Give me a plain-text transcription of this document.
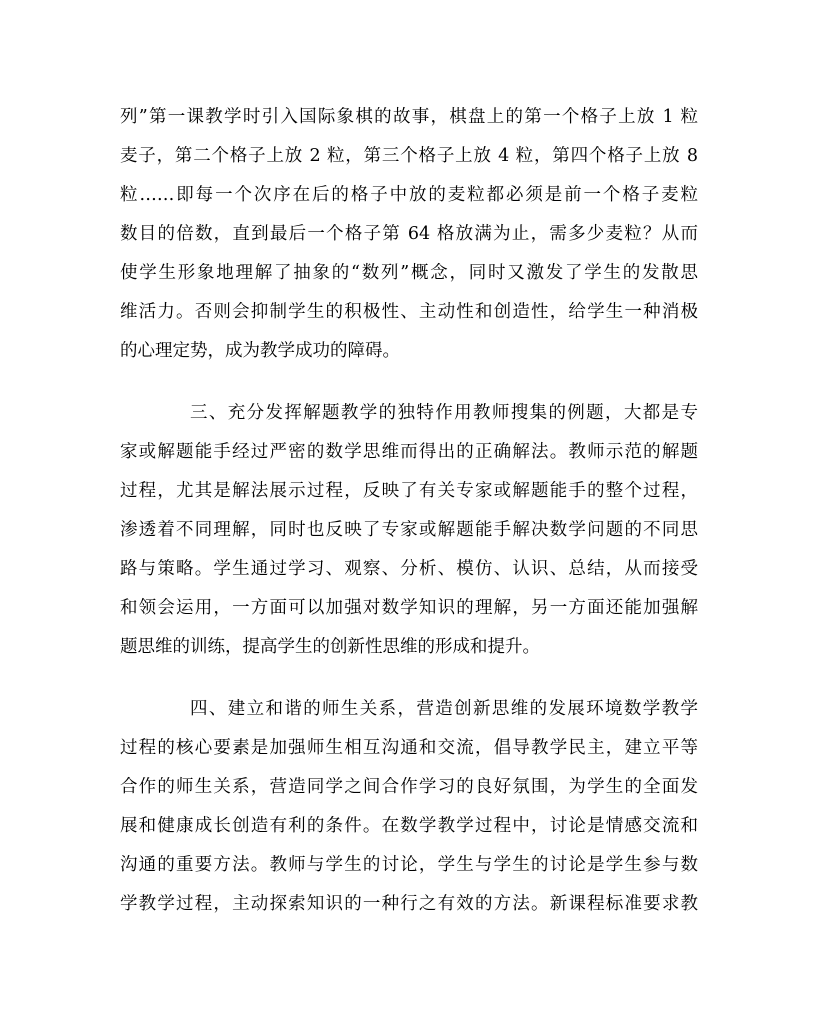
列”第一课教学时引入国际象棋的故事，棋盘上的第一个格子上放 1 粒
麦子，第二个格子上放 2 粒，第三个格子上放 4 粒，第四个格子上放 8
粒……即每一个次序在后的格子中放的麦粒都必须是前一个格子麦粒
数目的倍数，直到最后一个格子第 64 格放满为止，需多少麦粒？从而
使学生形象地理解了抽象的“数列”概念，同时又激发了学生的发散思
维活力。否则会抑制学生的积极性、主动性和创造性，给学生一种消极
的心理定势，成为教学成功的障碍。
三、充分发挥解题教学的独特作用教师搜集的例题，大都是专
家或解题能手经过严密的数学思维而得出的正确解法。教师示范的解题
过程，尤其是解法展示过程，反映了有关专家或解题能手的整个过程，
渗透着不同理解，同时也反映了专家或解题能手解决数学问题的不同思
路与策略。学生通过学习、观察、分析、模仿、认识、总结，从而接受
和领会运用，一方面可以加强对数学知识的理解，另一方面还能加强解
题思维的训练，提高学生的创新性思维的形成和提升。
四、建立和谐的师生关系，营造创新思维的发展环境数学教学
过程的核心要素是加强师生相互沟通和交流，倡导教学民主，建立平等
合作的师生关系，营造同学之间合作学习的良好氛围，为学生的全面发
展和健康成长创造有利的条件。在数学教学过程中，讨论是情感交流和
沟通的重要方法。教师与学生的讨论，学生与学生的讨论是学生参与数
学教学过程，主动探索知识的一种行之有效的方法。新课程标准要求教
